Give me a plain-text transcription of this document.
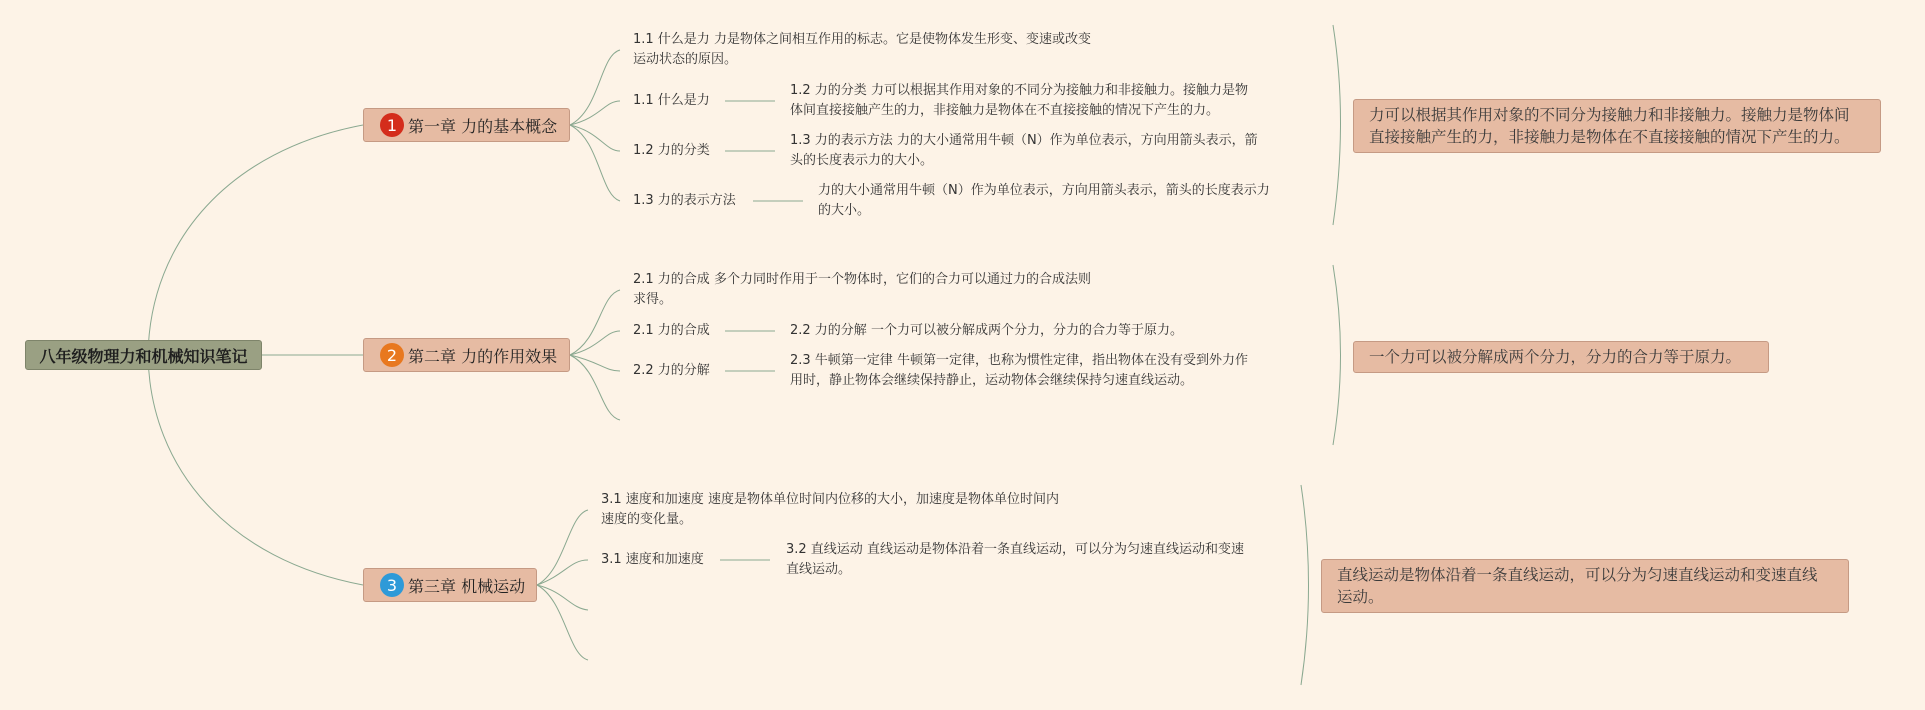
八年级物理力和机械知识笔记
1 第一章 力的基本概念
1.1 什么是力 力是物体之间相互作用的标志。它是使物体发生形变、变速或改变
运动状态的原因。
1.1 什么是力
1.2 力的分类 力可以根据其作用对象的不同分为接触力和非接触力。接触力是物
体间直接接触产生的力，非接触力是物体在不直接接触的情况下产生的力。
1.2 力的分类
1.3 力的表示方法 力的大小通常用牛顿（N）作为单位表示，方向用箭头表示，箭
头的长度表示力的大小。
1.3 力的表示方法
力的大小通常用牛顿（N）作为单位表示，方向用箭头表示，箭头的长度表示力
的大小。
力可以根据其作用对象的不同分为接触力和非接触力。接触力是物体间
直接接触产生的力，非接触力是物体在不直接接触的情况下产生的力。
2 第二章 力的作用效果
2.1 力的合成 多个力同时作用于一个物体时，它们的合力可以通过力的合成法则
求得。
2.1 力的合成	2.2 力的分解 一个力可以被分解成两个分力，分力的合力等于原力。
2.2 力的分解
2.3 牛顿第一定律 牛顿第一定律，也称为惯性定律，指出物体在没有受到外力作
用时，静止物体会继续保持静止，运动物体会继续保持匀速直线运动。
一个力可以被分解成两个分力，分力的合力等于原力。
3 第三章 机械运动
3.1 速度和加速度 速度是物体单位时间内位移的大小，加速度是物体单位时间内
速度的变化量。
3.1 速度和加速度
3.2 直线运动 直线运动是物体沿着一条直线运动，可以分为匀速直线运动和变速
直线运动。	直线运动是物体沿着一条直线运动，可以分为匀速直线运动和变速直线
运动。
